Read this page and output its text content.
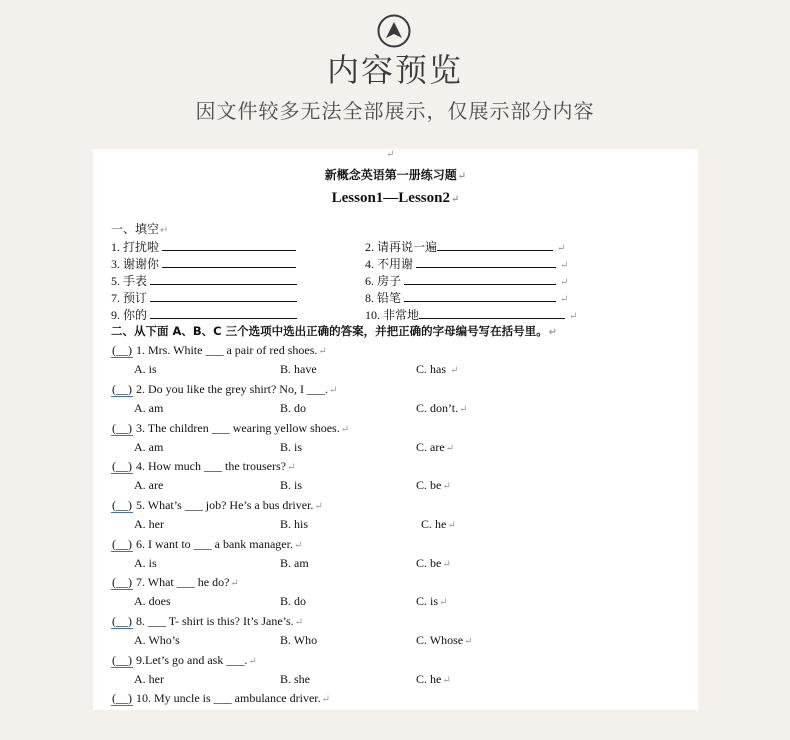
内容预览
因文件较多无法全部展示，仅展示部分内容
↵
新概念英语第一册练习题↵
Lesson1—Lesson2↵
一、填空↵
1. 打扰啦	2. 请再说一遍	↵
3. 谢谢你	4. 不用谢	↵
5. 手表	6. 房子	↵
7. 预订	8. 铅笔	↵
9. 你的	10. 非常地	↵
二、从下面 A、B、C 三个选项中选出正确的答案，并把正确的字母编号写在括号里。↵
(__) 1. Mrs. White ___ a pair of red shoes.↵
A. is	B. have	C. has ↵
(__) 2. Do you like the grey shirt? No, I ___.↵
A. am	B. do	C. don’t.↵
(__) 3. The children ___ wearing yellow shoes.↵
A. am	B. is	C. are↵
(__) 4. How much ___ the trousers?↵
A. are	B. is	C. be↵
(__) 5. What’s ___ job? He’s a bus driver.↵
A. her	B. his	C. he↵
(__) 6. I want to ___ a bank manager.↵
A. is	B. am	C. be↵
(__) 7. What ___ he do?↵
A. does	B. do	C. is↵
(__) 8. ___ T- shirt is this? It’s Jane’s.↵
A. Who’s	B. Who	C. Whose↵
(__) 9.Let’s go and ask ___.↵
A. her	B. she	C. he↵
(__) 10. My uncle is ___ ambulance driver.↵
